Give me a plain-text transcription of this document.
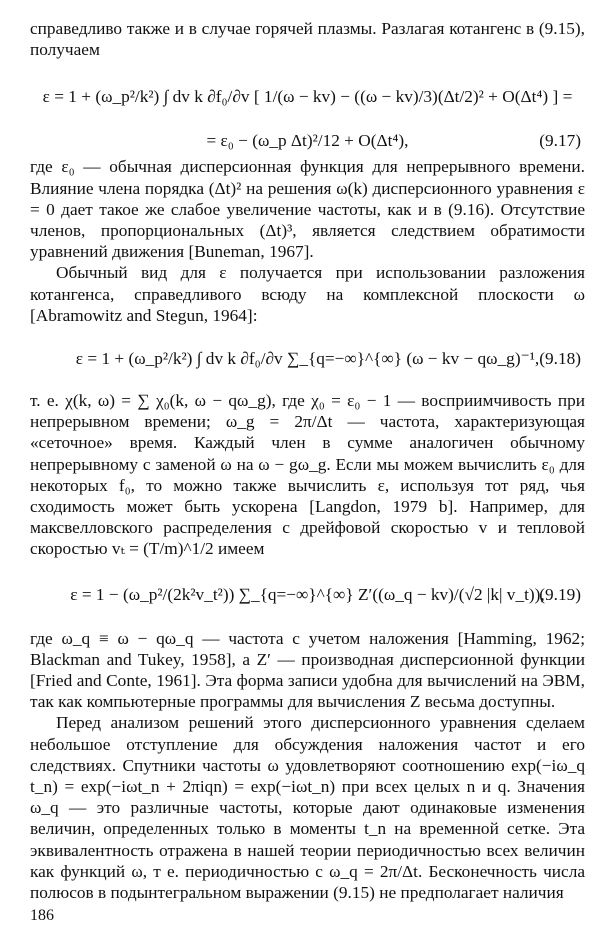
справедливо также и в случае горячей плазмы. Разлагая котангенс в (9.15), получаем

ε = 1 + (ω_p²/k²) ∫ dv k ∂f₀/∂v [ 1/(ω − kv) − ((ω − kv)/3)(Δt/2)² + O(Δt⁴) ] =
= ε₀ − (ω_p Δt)²/12 + O(Δt⁴),	(9.17)

где ε₀ — обычная дисперсионная функция для непрерывного времени. Влияние члена порядка (Δt)² на решения ω(k) дисперсионного уравнения ε = 0 дает такое же слабое увеличение частоты, как и в (9.16). Отсутствие членов, пропорциональных (Δt)³, является следствием обратимости уравнений движения [Buneman, 1967].

Обычный вид для ε получается при использовании разложения котангенса, справедливого всюду на комплексной плоскости ω [Abramowitz and Stegun, 1964]:

ε = 1 + (ω_p²/k²) ∫ dv k ∂f₀/∂v ∑_{q=−∞}^{∞} (ω − kv − qω_g)⁻¹, (9.18)

т. е. χ(k, ω) = ∑ χ₀(k, ω − qω_g), где χ₀ = ε₀ − 1 — восприимчивость при непрерывном времени; ω_g = 2π/Δt — частота, характеризующая «сеточное» время. Каждый член в сумме аналогичен обычному непрерывному с заменой ω на ω − gω_g. Если мы можем вычислить ε₀ для некоторых f₀, то можно также вычислить ε, используя тот ряд, чья сходимость может быть ускорена [Langdon, 1979 b]. Например, для максвелловского распределения с дрейфовой скоростью v и тепловой скоростью vₜ = (T/m)^1/2 имеем

ε = 1 − (ω_p²/(2k²v_t²)) ∑_{q=−∞}^{∞} Z′((ω_q − kv)/(√2 |k| v_t)),
(9.19)

где ω_q ≡ ω − qω_q — частота с учетом наложения [Hamming, 1962; Blackman and Tukey, 1958], а Z′ — производная дисперсионной функции [Fried and Conte, 1961]. Эта форма записи удобна для вычислений на ЭВМ, так как компьютерные программы для вычисления Z весьма доступны.

Перед анализом решений этого дисперсионного уравнения сделаем небольшое отступление для обсуждения наложения частот и его следствиях. Спутники частоты ω удовлетворяют соотношению exp(−iω_q t_n) = exp(−iωt_n + 2πiqn) = exp(−iωt_n) при всех целых n и q. Значения ω_q — это различные частоты, которые дают одинаковые изменения величин, определенных только в моменты t_n на временной сетке. Эта эквивалентность отражена в нашей теории периодичностью всех величин как функций ω, т е. периодичностью с ω_q = 2π/Δt. Бесконечность числа полюсов в подынтегральном выражении (9.15) не предполагает наличия

186
